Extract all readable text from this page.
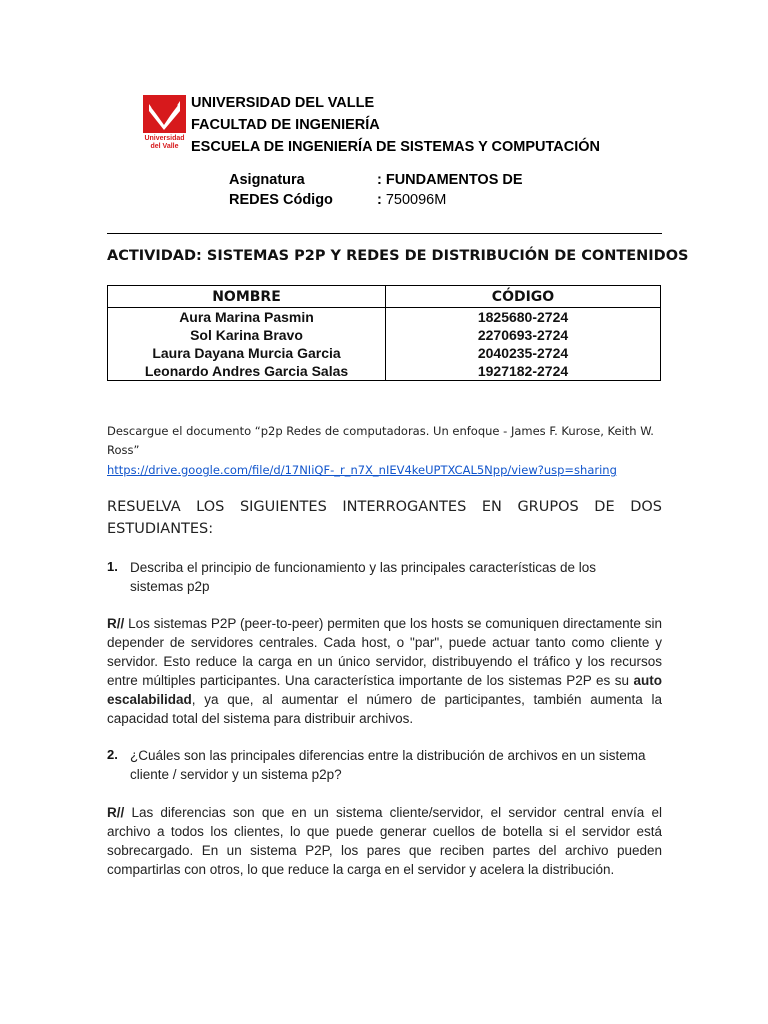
Universidad
del Valle
UNIVERSIDAD DEL VALLE
FACULTAD DE INGENIERÍA
ESCUELA DE INGENIERÍA DE SISTEMAS Y COMPUTACIÓN
Asignatura	: FUNDAMENTOS DE
REDES Código	: 750096M
ACTIVIDAD: SISTEMAS P2P Y REDES DE DISTRIBUCIÓN DE CONTENIDOS
NOMBRE	CÓDIGO
Aura Marina Pasmin	1825680-2724
Sol Karina Bravo	2270693-2724
Laura Dayana Murcia Garcia	2040235-2724
Leonardo Andres Garcia Salas	1927182-2724
Descargue el documento “p2p Redes de computadoras. Un enfoque - James F. Kurose, Keith W.
Ross”
https://drive.google.com/file/d/17NIiQF-_r_n7X_nIEV4keUPTXCAL5Npp/view?usp=sharing
RESUELVA LOS SIGUIENTES INTERROGANTES EN GRUPOS DE DOS
ESTUDIANTES:
1. Describa el principio de funcionamiento y las principales características de los
sistemas p2p
R// Los sistemas P2P (peer-to-peer) permiten que los hosts se comuniquen directamente sin depender de servidores centrales. Cada host, o "par", puede actuar tanto como cliente y servidor. Esto reduce la carga en un único servidor, distribuyendo el tráfico y los recursos entre múltiples participantes. Una característica importante de los sistemas P2P es su auto escalabilidad, ya que, al aumentar el número de participantes, también aumenta la capacidad total del sistema para distribuir archivos.
2. ¿Cuáles son las principales diferencias entre la distribución de archivos en un sistema
cliente / servidor y un sistema p2p?
R// Las diferencias son que en un sistema cliente/servidor, el servidor central envía el archivo a todos los clientes, lo que puede generar cuellos de botella si el servidor está sobrecargado. En un sistema P2P, los pares que reciben partes del archivo pueden compartirlas con otros, lo que reduce la carga en el servidor y acelera la distribución.
